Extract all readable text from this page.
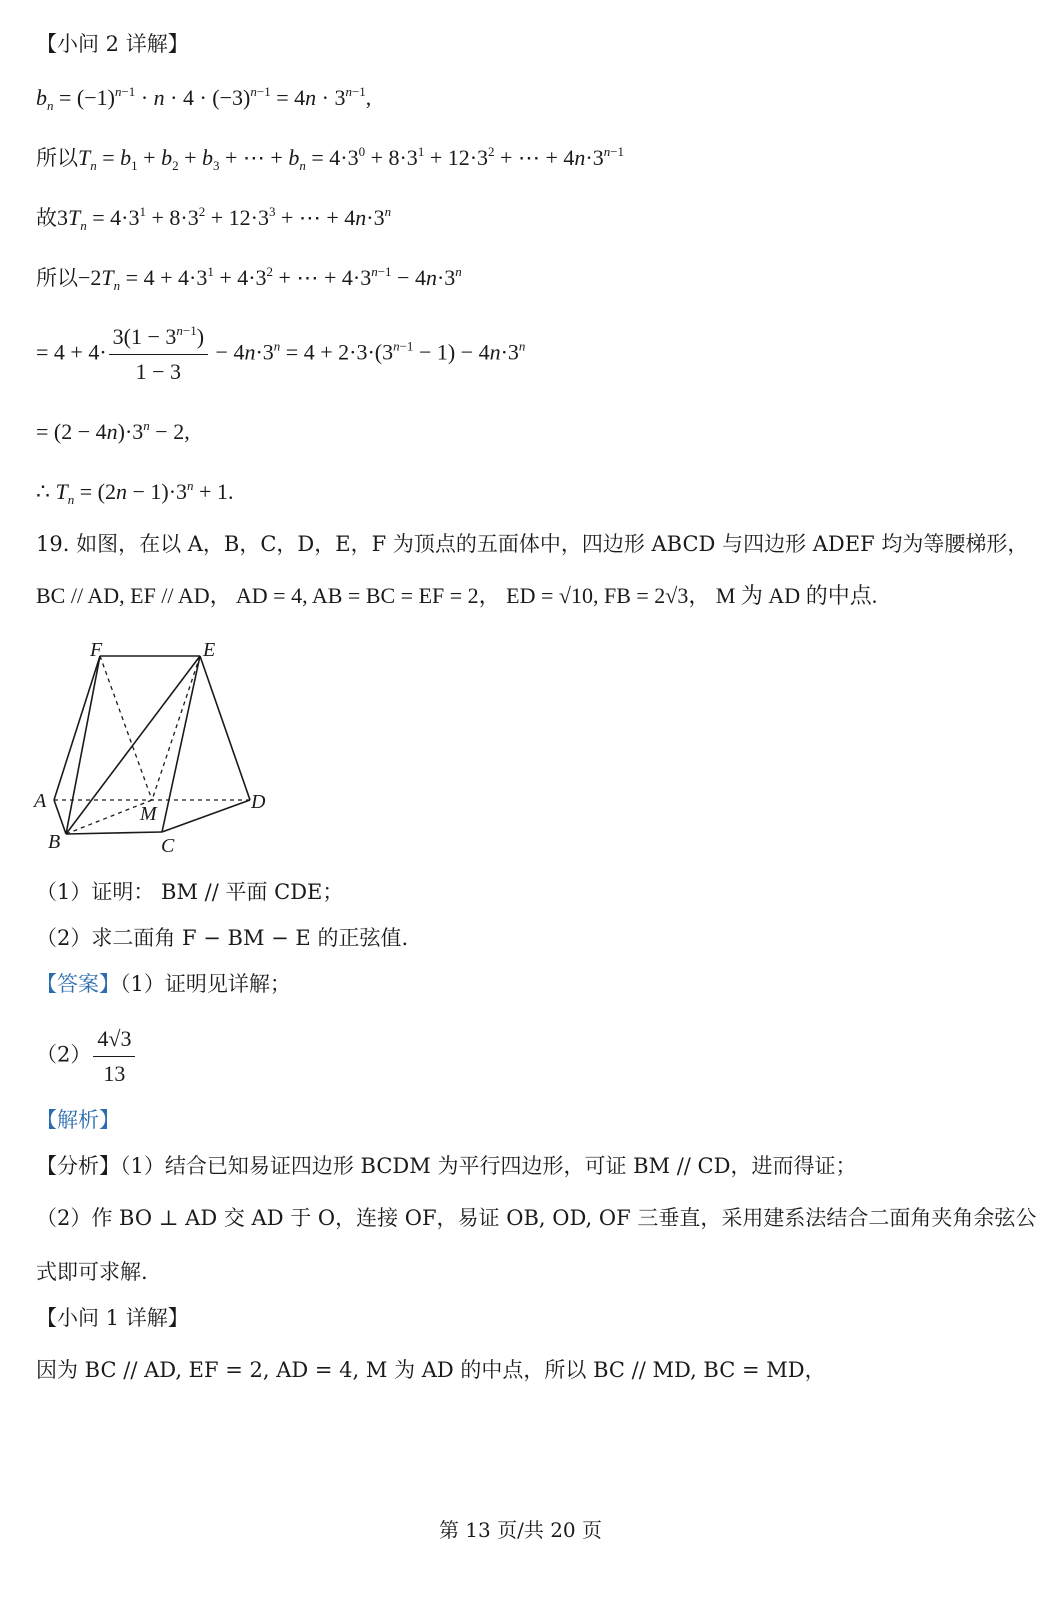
【小问 2 详解】
$b_n = (-1)^{n-1} \cdot n \cdot 4 \cdot (-3)^{n-1} = 4n \cdot 3^{n-1}$,
所以$T_n = b_1 + b_2 + b_3$ + ⋯ + $b_n = 4\cdot 3^0 + 8\cdot 3^1 + 12\cdot 3^2$ + ⋯ + $4n\cdot 3^{n-1}$
故$3T_n = 4\cdot 3^1 + 8\cdot 3^2 + 12\cdot 3^3$ + ⋯ + $4n\cdot 3^n$
所以$-2T_n = 4 + 4\cdot 3^1 + 4\cdot 3^2$ + ⋯ + $4\cdot 3^{n-1} - 4n\cdot 3^n$
= $4 + 4\cdot \frac{3(1 - 3^{n-1})}{1 - 3} - 4n\cdot 3^n = 4 + 2\cdot 3\cdot(3^{n-1} - 1) - 4n\cdot 3^n$
= $(2 - 4n)\cdot 3^n - 2$,
∴ $T_n = (2n - 1)\cdot 3^n + 1$.
19. 如图，在以 A，B，C，D，E，F 为顶点的五面体中，四边形 ABCD 与四边形 ADEF 均为等腰梯形，
BC // AD, EF // AD， AD = 4, AB = BC = EF = 2， ED = √10, FB = 2√3， M 为 AD 的中点.
F	E
A
M
D
B	C
（1）证明： BM // 平面 CDE；
（2）求二面角 F − BM − E 的正弦值.
【答案】（1）证明见详解；
$(2) \frac{4√3}{13}$
【解析】
【分析】（1）结合已知易证四边形 BCDM 为平行四边形，可证 BM // CD，进而得证；
（2）作 BO ⊥ AD 交 AD 于 O，连接 OF，易证 OB, OD, OF 三垂直，采用建系法结合二面角夹角余弦公
式即可求解.
【小问 1 详解】
因为 BC // AD, EF = 2, AD = 4, M 为 AD 的中点，所以 BC // MD, BC = MD，
第 13 页/共 20 页
